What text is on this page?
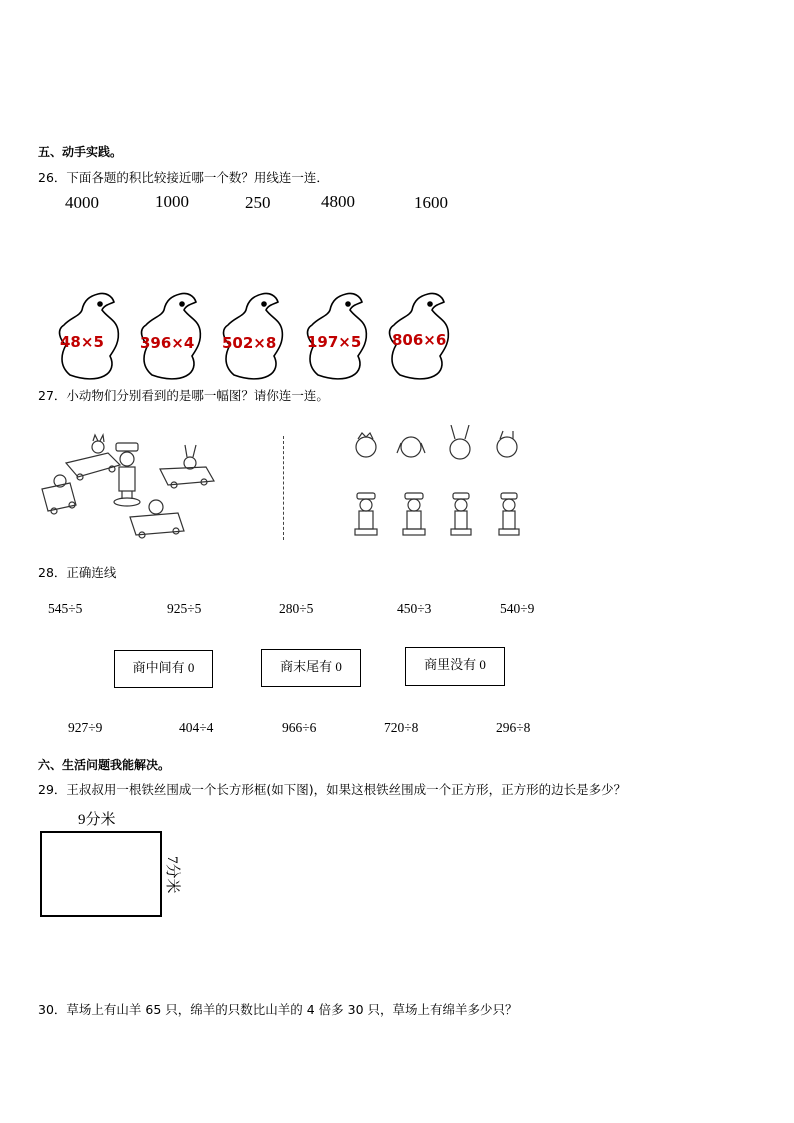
五、动手实践。
26．下面各题的积比较接近哪一个数？用线连一连．
4000	1000	250	4800	1600
48×5 396×4 502×8 197×5 806×6
27．小动物们分别看到的是哪一幅图？请你连一连。
28．正确连线
545÷5	925÷5	280÷5	450÷3	540÷9
商中间有 0	商末尾有 0	商里没有 0
927÷9	404÷4	966÷6	720÷8	296÷8
六、生活问题我能解决。
29．王叔叔用一根铁丝围成一个长方形框(如下图)，如果这根铁丝围成一个正方形，正方形的边长是多少？
9分米
7分米
30．草场上有山羊 65 只，绵羊的只数比山羊的 4 倍多 30 只，草场上有绵羊多少只？
